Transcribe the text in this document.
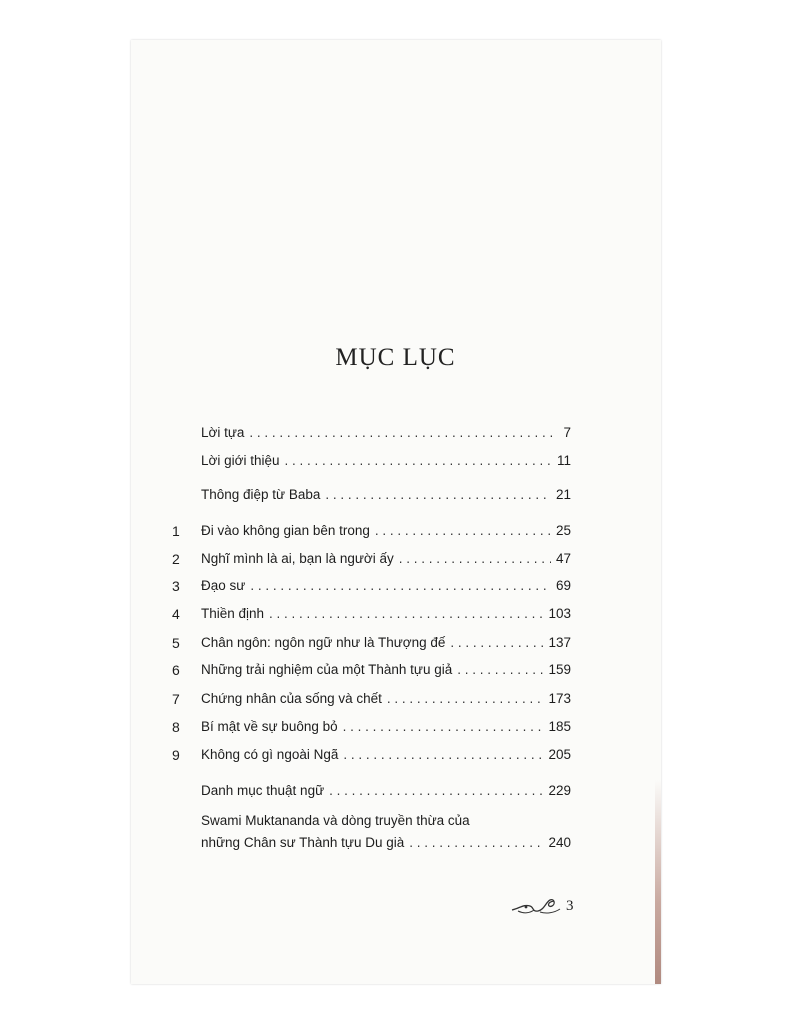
MỤC LỤC
Lời tựa . . .	7
Lời giới thiệu . . .	11
Thông điệp từ Baba . . .	21
1 Đi vào không gian bên trong . . .	25
2 Nghĩ mình là ai, bạn là người ấy . . .	47
3 Đạo sư . . .	69
4 Thiền định . . .	103
5 Chân ngôn: ngôn ngữ như là Thượng đế . . .	137
6 Những trải nghiệm của một Thành tựu giả . . .	159
7 Chứng nhân của sống và chết . . .	173
8 Bí mật về sự buông bỏ . . .	185
9 Không có gì ngoài Ngã . . .	205
Danh mục thuật ngữ . . .	229
Swami Muktananda và dòng truyền thừa của
những Chân sư Thành tựu Du già . . .	240
3
